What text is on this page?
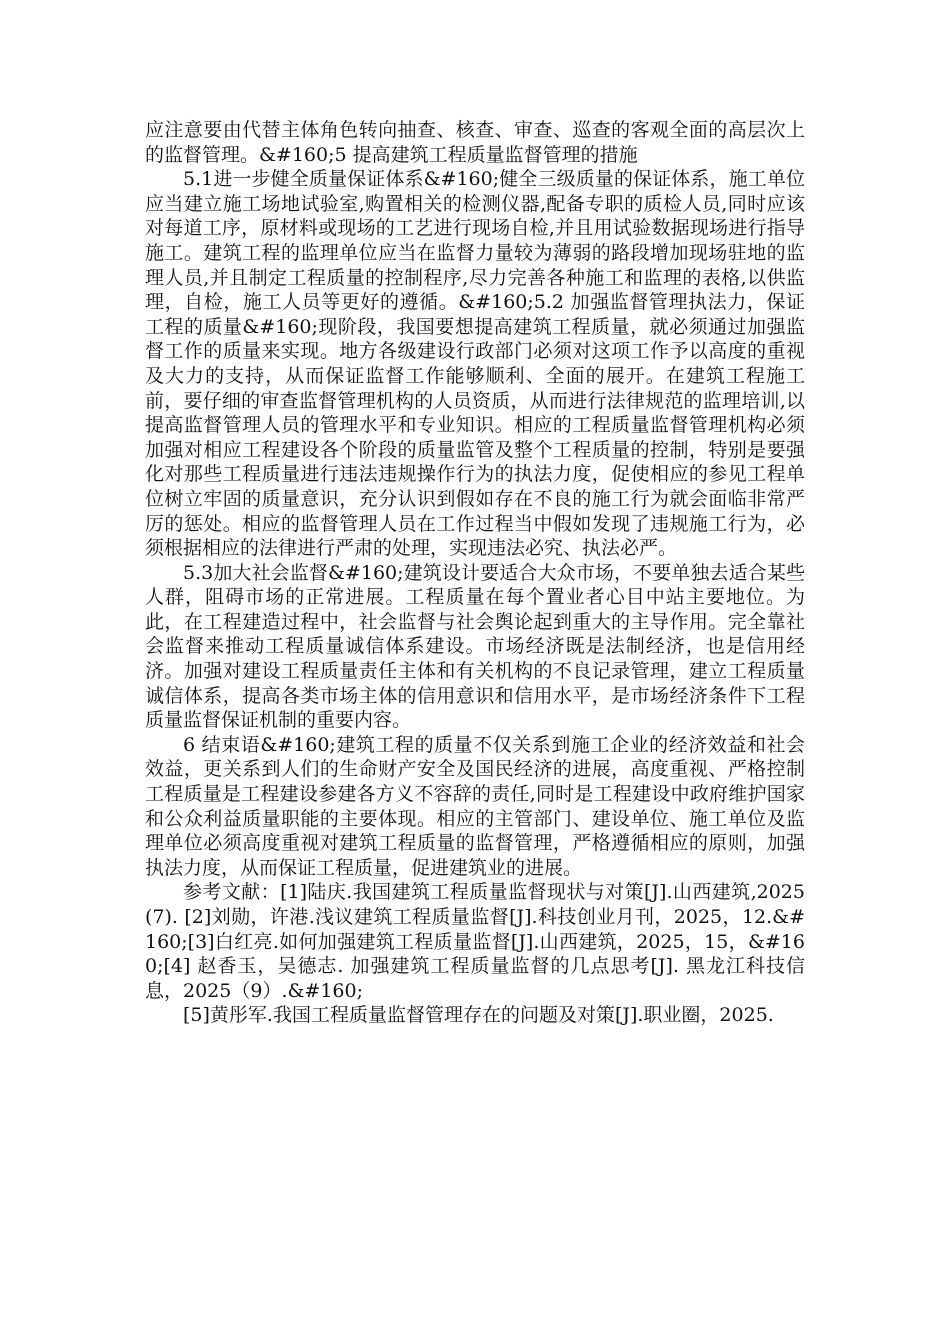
应注意要由代替主体角色转向抽查、核查、审查、巡查的客观全面的高层次上的监督管理。&#160;5 提高建筑工程质量监督管理的措施

5.1进一步健全质量保证体系&#160;健全三级质量的保证体系，施工单位应当建立施工场地试验室,购置相关的检测仪器,配备专职的质检人员,同时应该对每道工序，原材料或现场的工艺进行现场自检,并且用试验数据现场进行指导施工。建筑工程的监理单位应当在监督力量较为薄弱的路段增加现场驻地的监理人员,并且制定工程质量的控制程序,尽力完善各种施工和监理的表格,以供监理，自检，施工人员等更好的遵循。&#160;5.2 加强监督管理执法力，保证工程的质量&#160;现阶段，我国要想提高建筑工程质量，就必须通过加强监督工作的质量来实现。地方各级建设行政部门必须对这项工作予以高度的重视及大力的支持，从而保证监督工作能够顺利、全面的展开。在建筑工程施工前，要仔细的审查监督管理机构的人员资质，从而进行法律规范的监理培训,以提高监督管理人员的管理水平和专业知识。相应的工程质量监督管理机构必须加强对相应工程建设各个阶段的质量监管及整个工程质量的控制，特别是要强化对那些工程质量进行违法违规操作行为的执法力度，促使相应的参见工程单位树立牢固的质量意识，充分认识到假如存在不良的施工行为就会面临非常严厉的惩处。相应的监督管理人员在工作过程当中假如发现了违规施工行为，必须根据相应的法律进行严肃的处理，实现违法必究、执法必严。

5.3加大社会监督&#160;建筑设计要适合大众市场，不要单独去适合某些人群，阻碍市场的正常进展。工程质量在每个置业者心目中站主要地位。为此，在工程建造过程中，社会监督与社会舆论起到重大的主导作用。完全靠社会监督来推动工程质量诚信体系建设。市场经济既是法制经济，也是信用经济。加强对建设工程质量责任主体和有关机构的不良记录管理，建立工程质量诚信体系，提高各类市场主体的信用意识和信用水平，是市场经济条件下工程质量监督保证机制的重要内容。

6 结束语&#160;建筑工程的质量不仅关系到施工企业的经济效益和社会效益，更关系到人们的生命财产安全及国民经济的进展，高度重视、严格控制工程质量是工程建设参建各方义不容辞的责任,同时是工程建设中政府维护国家和公众利益质量职能的主要体现。相应的主管部门、建设单位、施工单位及监理单位必须高度重视对建筑工程质量的监督管理，严格遵循相应的原则，加强执法力度，从而保证工程质量，促进建筑业的进展。

参考文献：[1]陆庆.我国建筑工程质量监督现状与对策[J].山西建筑,2025(7). [2]刘勋，许港.浅议建筑工程质量监督[J].科技创业月刊，2025，12.&#160;[3]白红亮.如何加强建筑工程质量监督[J].山西建筑，2025，15，&#160;[4] 赵香玉，吴德志. 加强建筑工程质量监督的几点思考[J]. 黑龙江科技信息，2025（9）.&#160;

[5]黄彤军.我国工程质量监督管理存在的问题及对策[J].职业圈，2025.
